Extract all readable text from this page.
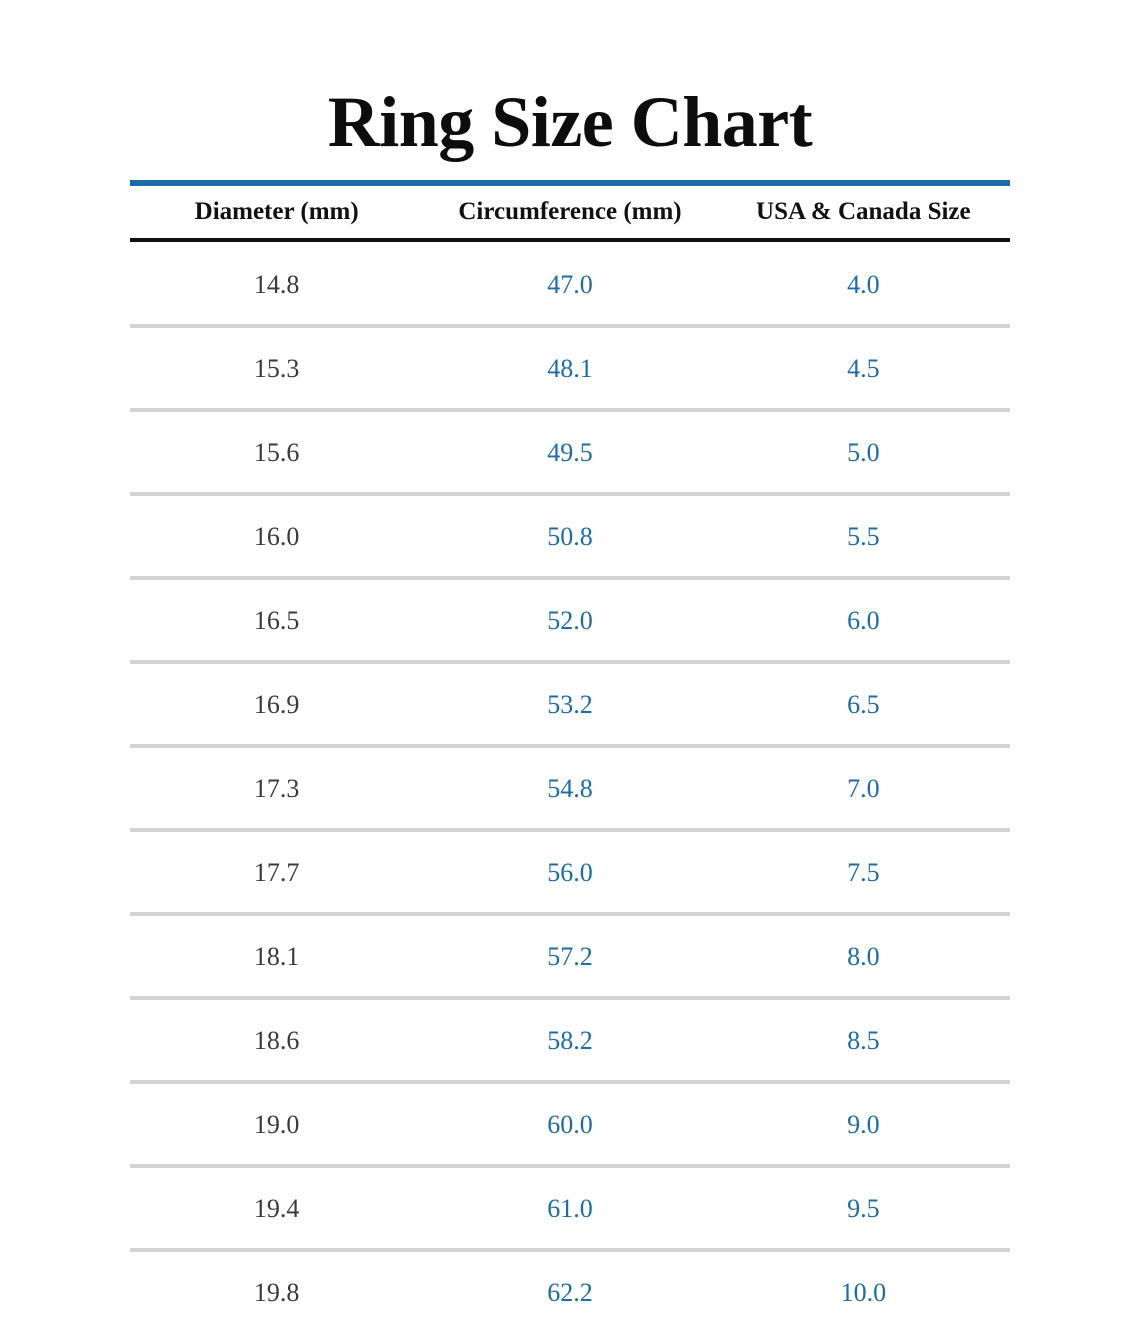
Ring Size Chart
Diameter (mm)	Circumference (mm)	USA & Canada Size
14.8	47.0	4.0
15.3	48.1	4.5
15.6	49.5	5.0
16.0	50.8	5.5
16.5	52.0	6.0
16.9	53.2	6.5
17.3	54.8	7.0
17.7	56.0	7.5
18.1	57.2	8.0
18.6	58.2	8.5
19.0	60.0	9.0
19.4	61.0	9.5
19.8	62.2	10.0
